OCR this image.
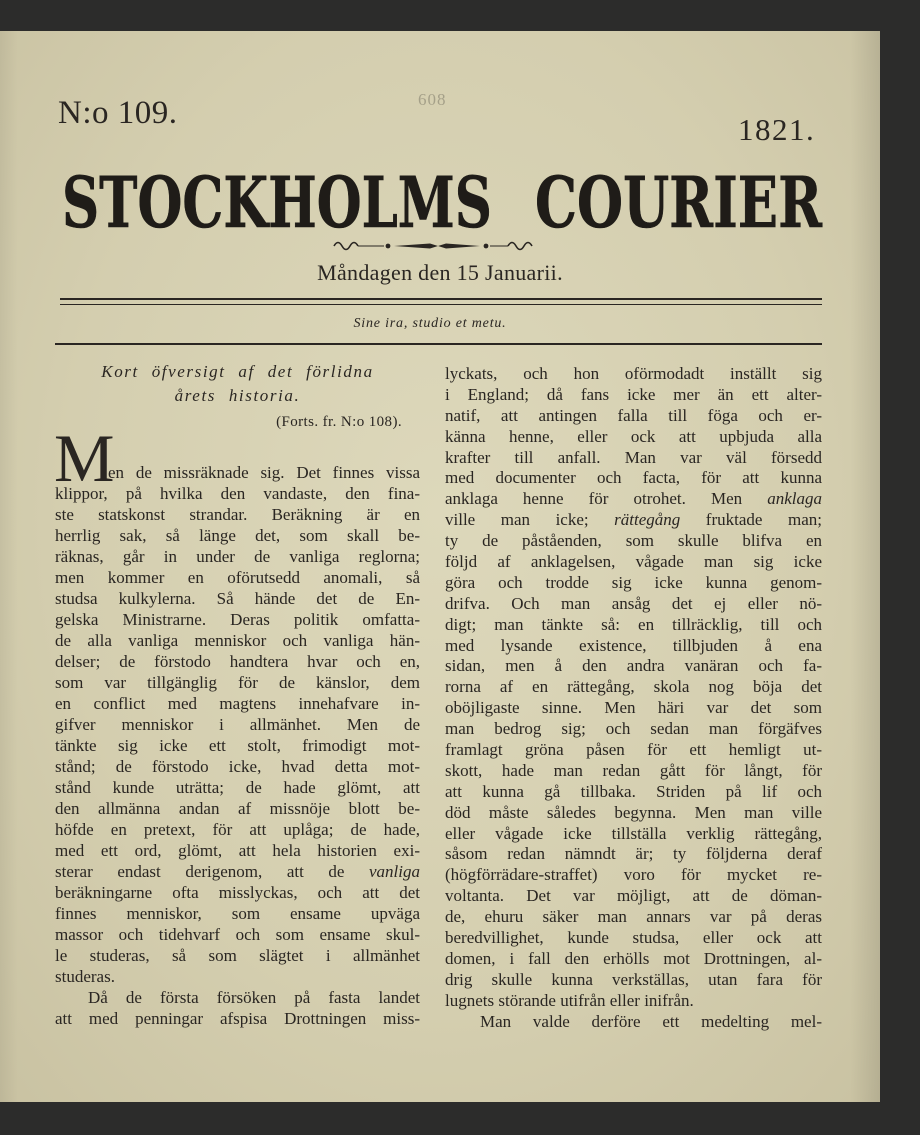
608
N:o 109.	1821.
STOCKHOLMS COURIER
Måndagen den 15 Januarii.
Sine ira, studio et metu.
Kort öfversigt af det förlidna
årets historia.
(Forts. fr. N:o 108).
M
en de missräknade sig. Det finnes vissa
klippor, på hvilka den vandaste, den fina-
ste statskonst strandar. Beräkning är en
herrlig sak, så länge det, som skall be-
räknas, går in under de vanliga reglorna;
men kommer en oförutsedd anomali, så
studsa kulkylerna. Så hände det de En-
gelska Ministrarne. Deras politik omfatta-
de alla vanliga menniskor och vanliga hän-
delser; de förstodo handtera hvar och en,
som var tillgänglig för de känslor, dem
en conflict med magtens innehafvare in-
gifver menniskor i allmänhet. Men de
tänkte sig icke ett stolt, frimodigt mot-
stånd; de förstodo icke, hvad detta mot-
stånd kunde uträtta; de hade glömt, att
den allmänna andan af missnöje blott be-
höfde en pretext, för att uplåga; de hade,
med ett ord, glömt, att hela historien exi-
sterar endast derigenom, att de vanliga
beräkningarne ofta misslyckas, och att det
finnes menniskor, som ensame upväga
massor och tidehvarf och som ensame skul-
le studeras, så som slägtet i allmänhet
studeras.
Då de första försöken på fasta landet
att med penningar afspisa Drottningen miss-
lyckats, och hon oförmodadt inställt sig
i England; då fans icke mer än ett alter-
natif, att antingen falla till föga och er-
känna henne, eller ock att upbjuda alla
krafter till anfall. Man var väl försedd
med documenter och facta, för att kunna
anklaga henne för otrohet. Men anklaga
ville man icke; rättegång fruktade man;
ty de påståenden, som skulle blifva en
följd af anklagelsen, vågade man sig icke
göra och trodde sig icke kunna genom-
drifva. Och man ansåg det ej eller nö-
digt; man tänkte så: en tillräcklig, till och
med lysande existence, tillbjuden å ena
sidan, men å den andra vanäran och fa-
rorna af en rättegång, skola nog böja det
oböjligaste sinne. Men häri var det som
man bedrog sig; och sedan man förgäfves
framlagt gröna påsen för ett hemligt ut-
skott, hade man redan gått för långt, för
att kunna gå tillbaka. Striden på lif och
död måste således begynna. Men man ville
eller vågade icke tillställa verklig rättegång,
såsom redan nämndt är; ty följderna deraf
(högförrädare-straffet) voro för mycket re-
voltanta. Det var möjligt, att de döman-
de, ehuru säker man annars var på deras
beredvillighet, kunde studsa, eller ock att
domen, i fall den erhölls mot Drottningen, al-
drig skulle kunna verkställas, utan fara för
lugnets störande utifrån eller inifrån.
Man valde derföre ett medelting mel-
